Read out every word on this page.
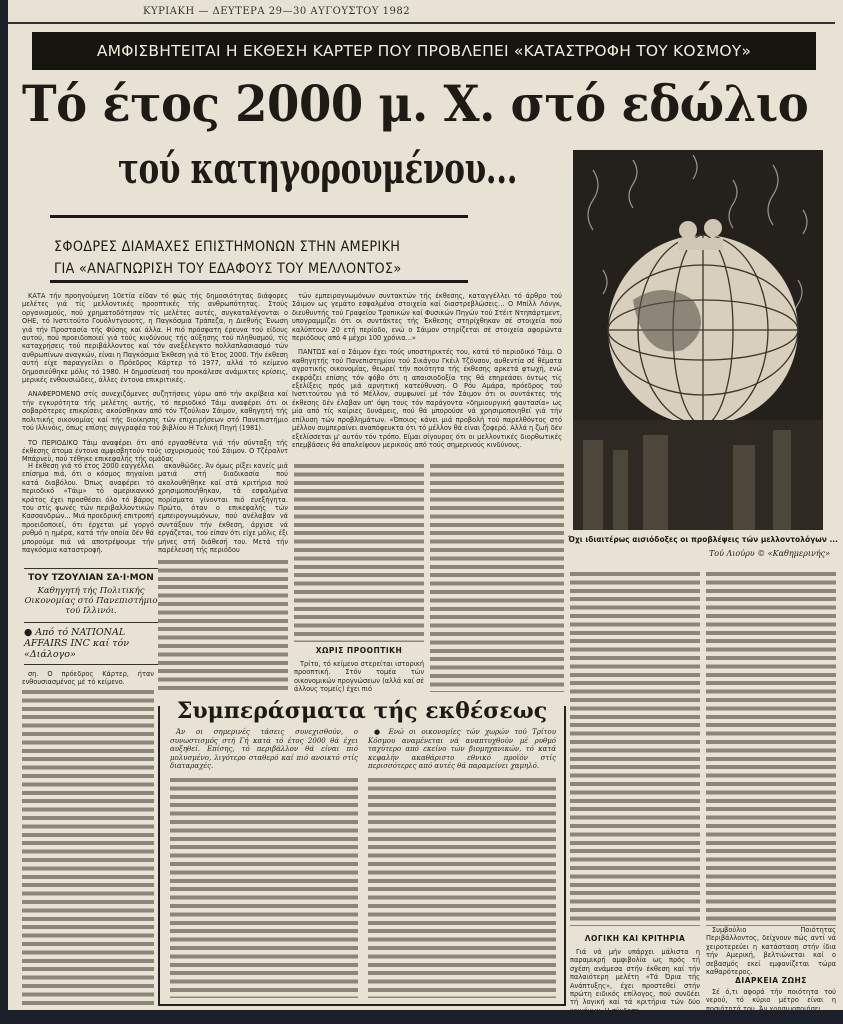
ΚΥΡΙΑΚΗ — ΔΕΥΤΕΡΑ 29—30 ΑΥΓΟΥΣΤΟΥ 1982
ΑΜΦΙΣΒΗΤΕΙΤΑΙ Η ΕΚΘΕΣΗ ΚΑΡΤΕΡ ΠΟΥ ΠΡΟΒΛΕΠΕΙ «ΚΑΤΑΣΤΡΟΦΗ ΤΟΥ ΚΟΣΜΟΥ»
Τό έτος 2000 μ. Χ. στό εδώλιο
τού κατηγορουμένου...
ΣΦΟΔΡΕΣ ΔΙΑΜΑΧΕΣ ΕΠΙΣΤΗΜΟΝΩΝ ΣΤΗΝ ΑΜΕΡΙΚΗ
ΓΙΑ «ΑΝΑΓΝΩΡΙΣΗ ΤΟΥ ΕΔΑΦΟΥΣ ΤΟΥ ΜΕΛΛΟΝΤΟΣ»
Όχι ιδιαιτέρως αισιόδοξες οι προβλέψεις τών μελλοντολόγων ...
Τού Λιούρυ © «Καθημερινής»

ΚΑΤΑ τήν προηγούμενη 10ετία είδαν τό φώς τής δημοσιότητας διάφορες μελέτες γιά τίς μελλοντικές προοπτικές τής ανθρωπότητας. Στούς οργανισμούς, πού χρηματοδότησαν τίς μελέτες αυτές, συγκαταλέγονται ο ΟΗΕ, τό Ινστιτούτο Γουόλντγουοτς, η Παγκόσμια Τράπεζα, η Διεθνής Ένωση γιά τήν Προστασία τής Φύσης καί άλλα. Η πιό πρόσφατη έρευνα τού είδους αυτού, πού προειδοποιεί γιά τούς κινδύνους τής αύξησης τού πληθυσμού, τίς καταχρήσεις τού περιβάλλοντος καί τόν ανεξέλεγκτο πολλαπλασιασμό τών ανθρωπίνων αναγκών, είναι η Παγκόσμια Έκθεση γιά τό Έτος 2000. Τήν έκθεση αυτή είχε παραγγείλει ο Πρόεδρος Κάρτερ τό 1977, αλλά τό κείμενο δημοσιεύθηκε μόλις τό 1980. Η δημοσίευσή του προκάλεσε ανάμικτες κρίσεις, μερικές ενθουσιώδεις, άλλες έντονα επικριτικές.

ΑΝΑΦΕΡΟΜΕΝΟ στίς συνεχιζόμενες συζητήσεις γύρω από τήν ακρίβεια καί τήν εγκυρότητα τής μελέτης αυτής, τό περιοδικό Τάιμ αναφέρει ότι οι σοβαρότερες επικρίσεις ακούσθηκαν από τόν Τζούλιαν Σάιμον, καθηγητή τής πολιτικής οικονομίας καί τής διοίκησης τών επιχειρήσεων στό Πανεπιστήμιο τού Ιλλινόις, όπως επίσης συγγραφέα τού βιβλίου Η Τελική Πηγή (1981).

ΤΟ ΠΕΡΙΟΔΙΚΟ Τάιμ αναφέρει ότι από εργασθέντα γιά τήν σύνταξη τής έκθεσης άτομα έντονα αμφισβητούν τούς ισχυρισμούς τού Σάιμον. Ο Τζέραλντ Μπάρνεϋ, πού τέθηκε επικεφαλής τής ομάδας

τών εμπειρογνωμόνων συντακτών τής έκθεσης, καταγγέλλει τό άρθρο τού Σάιμον ως γεμάτο εσφαλμένα στοιχεία καί διαστρεβλώσεις... Ο Μπίλλ Λόνγκ, διευθυντής τού Γραφείου Τροπικών καί Φυσικών Πηγών τού Στέιτ Ντηπάρτμεντ, υπογραμμίζει ότι οι συντάκτες τής Έκθεσης στηρίχθηκαν σέ στοιχεία πού καλύπτουν 20 ετή περίοδο, ενώ ο Σάιμον στηρίζεται σέ στοιχεία αφορώντα περιόδους από 4 μέχρι 100 χρόνια...»

ΠΑΝΤΩΣ καί ο Σάιμον έχει τούς υποστηρικτές του, κατά τό περιοδικό Τάιμ. Ο καθηγητής τού Πανεπιστημίου τού Σικάγου Γκέιλ Τζόνσον, αυθεντία σέ θέματα αγροτικής οικονομίας, θεωρεί τήν ποιότητα τής έκθεσης αρκετά φτωχή, ενώ εκφράζει επίσης τόν φόβο ότι η απαισιοδοξία της θά επηρεάσει όντως τίς εξελίξεις πρός μιά αρνητική κατεύθυνση. Ο Ρόυ Αμάρα, πρόεδρος τού Ινστιτούτου γιά τό Μέλλον, συμφωνεί μέ τόν Σάιμον ότι οι συντάκτες τής έκθεσης δέν έλαβαν υπ' όψη τους τόν παράγοντα «δημιουργική φαντασία» ως μία από τίς καίριες δυνάμεις, πού θά μπορούσε νά χρησιμοποιηθεί γιά τήν επίλυση τών προβλημάτων. «Όποιος κάνει μιά προβολή τού παρελθόντος στό μέλλον συμπεραίνει αναπόφευκτα ότι τό μέλλον θά είναι ζοφερό. Αλλά η ζωή δέν εξελίσσεται μ' αυτόν τόν τρόπο. Είμαι σίγουρος ότι οι μελλοντικές διορθωτικές επεμβάσεις θά απαλείψουν μερικούς από τούς σημερινούς κινδύνους.

Η έκθεση γιά τό έτος 2000 εαγγέλλει επίσημα πιά, ότι ο κόσμος πηγαίνει κατά διαβόλου. Όπως αναφέρει τό περιοδικό «Τάιμ» τό αμερικανικό κράτος έχει προσθέσει όλο τό βάρος του στίς φωνές τών περιβαλλοντικών Κασσανδρών... Μιά προεδρική επιτροπή προειδοποιεί, ότι έρχεται μέ γοργό ρυθμό η ημέρα, κατά τήν οποία δέν θά μπορούμε πιά νά αποτρέψουμε τήν παγκόσμια καταστροφή.

ΤΟΥ ΤΖΟΥΛΙΑΝ ΣΑ·Ι·ΜΟΝ
Καθηγητή τής Πολιτικής Οικονομίας στό Πανεπιστήμιο τού Ιλλινόι.
● Από τό NATIONAL AFFAIRS INC καί τόν «Διάλογο»

ση. Ο πρόεδρος Κάρτερ, ήταν ενθουσιασμένος μέ τό κείμενο.

ακανθώδες. Άν όμως ρίξει κανείς μιά ματιά στή διαδικασία πού ακολουθήθηκε καί στά κριτήρια πού χρησιμοποιήθηκαν, τά εσφαλμένα πορίσματα γίνονται πιό ευεξήγητα. Πρώτο, όταν ο επικεφαλής τών εμπειρογνωμόνων, πού ανέλαβαν νά συντάξουν τήν έκθεση, άρχισε νά εργάζεται, τού είπαν ότι είχε μόλις έξι μήνες στή διάθεσή του. Μετά τήν παρέλευση τής περιόδου

ΧΩΡΙΣ ΠΡΟΟΠΤΙΚΗ

Τρίτο, τό κείμενο στερείται ιστορική προοπτική. Στόν τομέα τών οικονομικών προγνώσεων (αλλά καί σέ άλλους τομείς) έχει πιό

Συμπεράσματα τής εκθέσεως

Άν οι σημερινές τάσεις συνεχισθούν, ο συνωστισμός στή Γή κατά τό έτος 2000 θά έχει αυξηθεί. Επίσης, τό περιβάλλον θά είναι πιό μολυσμένο, λιγότερο σταθερό καί πιό ανοικτό στίς διαταραχές.

● Ενώ οι οικονομίες τών χωρών τού Τρίτου Κόσμου αναμένεται νά αναπτυχθούν μέ ρυθμό ταχύτερο από εκείνο τών βιομηχανικών, τό κατά κεφαλήν ακαθάριστο εθνικό προϊόν στίς περισσότερες από αυτές θά παραμείνει χαμηλό.

ΛΟΓΙΚΗ ΚΑΙ ΚΡΙΤΗΡΙΑ

Γιά νά μήν υπάρχει μάλιστα η παραμικρή αμφιβολία ως πρός τή σχέση ανάμεσα στήν έκθεση καί τήν παλαιότερη μελέτη «Τά Όρια τής Ανάπτυξης», έχει προστεθεί στήν πρώτη ειδικός επίλογος, πού συνδέει τή λογική καί τά κριτήρια τών δύο κειμένων. Η σύνδεση

Συμβούλιο Ποιότητας Περιβάλλοντος, δείχνουν πώς αντί νά χειροτερεύει η κατάσταση στήν ίδια τήν Αμερική, βελτιώνεται καί ο σεβασμός εκεί εμφανίζεται τώρα καθαρότερος.

ΔΙΑΡΚΕΙΑ ΖΩΗΣ

Σέ ό,τι αφορά τήν ποιότητα τού νερού, τό κύριο μέτρο είναι η ποσιότητά του. Άν χρησιμοποιήσει
